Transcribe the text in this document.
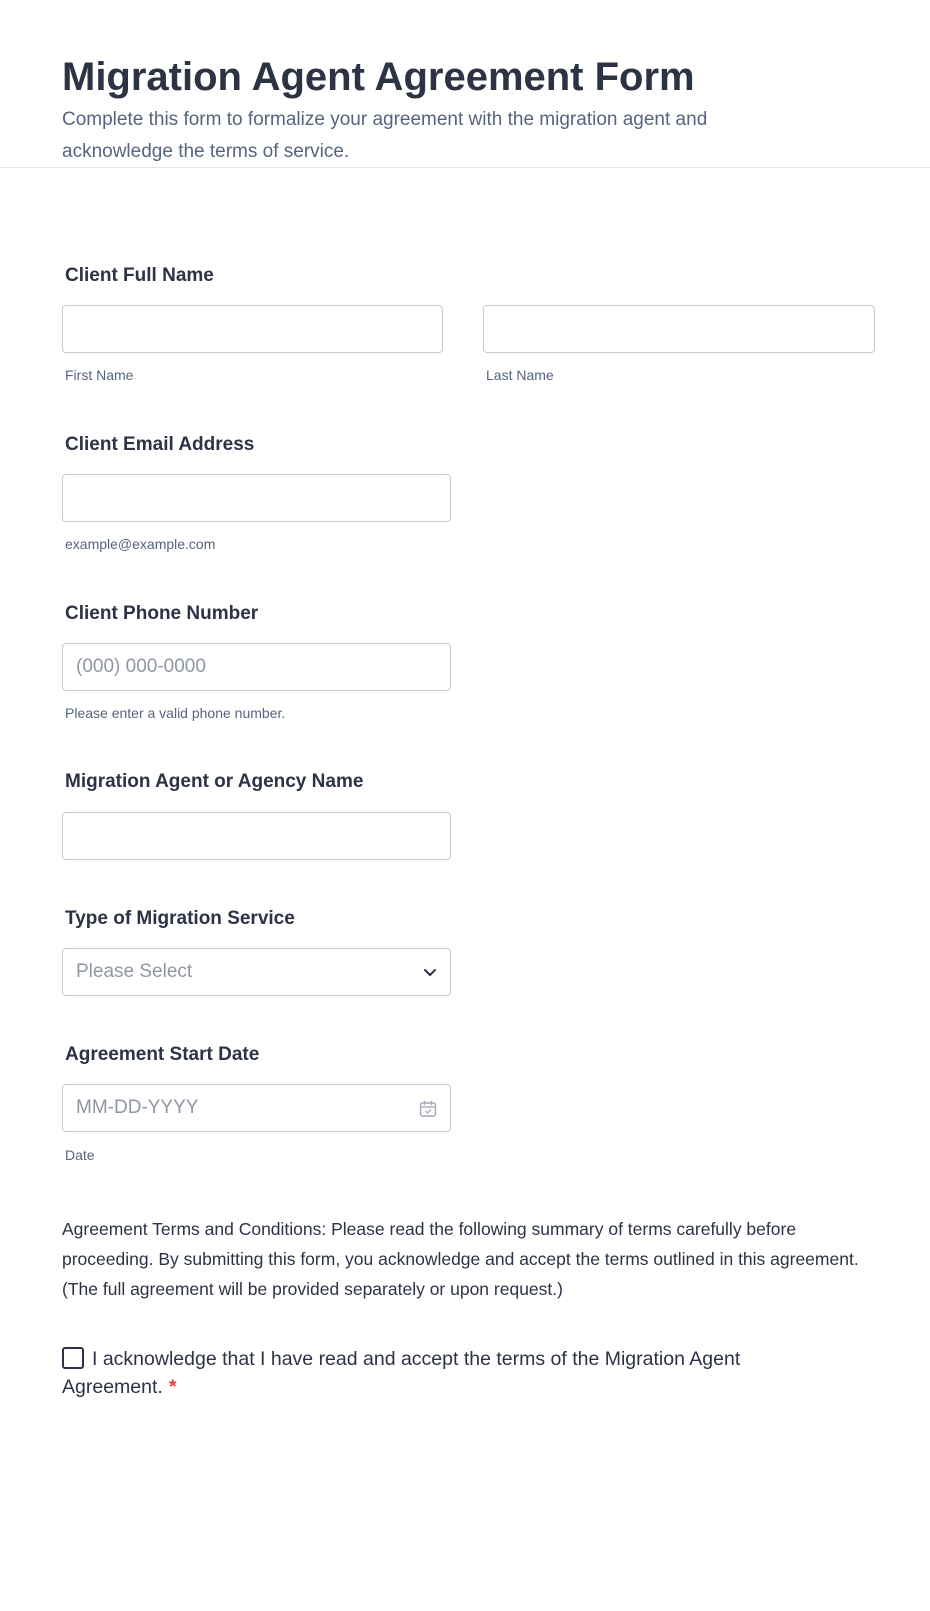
Migration Agent Agreement Form
Complete this form to formalize your agreement with the migration agent and acknowledge the terms of service.
Client Full Name
First Name	Last Name
Client Email Address
example@example.com
Client Phone Number
(000) 000-0000
Please enter a valid phone number.
Migration Agent or Agency Name
Type of Migration Service
Please Select
Agreement Start Date
MM-DD-YYYY
Date
Agreement Terms and Conditions: Please read the following summary of terms carefully before proceeding. By submitting this form, you acknowledge and accept the terms outlined in this agreement. (The full agreement will be provided separately or upon request.)
I acknowledge that I have read and accept the terms of the Migration Agent Agreement. *
